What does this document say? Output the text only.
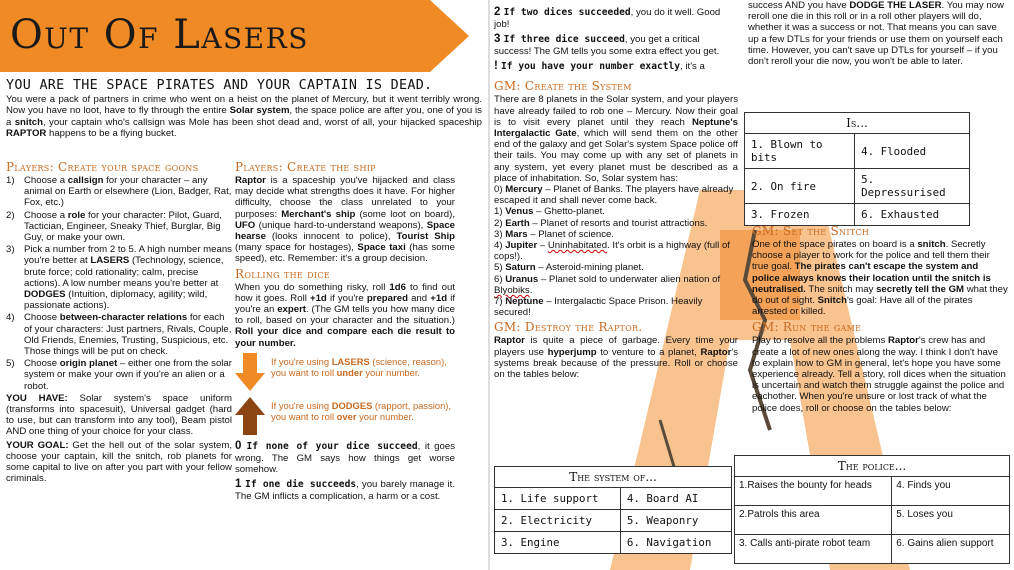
Out Of Lasers
YOU ARE THE SPACE PIRATES AND YOUR CAPTAIN IS DEAD.

You were a pack of partners in crime who went on a heist on the planet of Mercury, but it went terribly wrong. Now you have no loot, have to fly through the entire Solar system, the space police are after you, one of you is a snitch, your captain who's callsign was Mole has been shot dead and, worst of all, your hijacked spaceship RAPTOR happens to be a flying bucket.

Players: Create your space goons
1) Choose a callsign for your character – any animal on Earth or elsewhere (Lion, Badger, Rat, Fox, etc.)
2) Choose a role for your character: Pilot, Guard, Tactician, Engineer, Sneaky Thief, Burglar, Big Guy, or make your own.
3) Pick a number from 2 to 5. A high number means you're better at LASERS (Technology, science, brute force; cold rationality; calm, precise actions). A low number means you're better at DODGES (Intuition, diplomacy, agility; wild, passionate actions).
4) Choose between-character relations for each of your characters: Just partners, Rivals, Couple, Old Friends, Enemies, Trusting, Suspicious, etc. Those things will be put on check.
5) Choose origin planet – either one from the solar system or make your own if you're an alien or a robot.

YOU HAVE: Solar system's space uniform (transforms into spacesuit), Universal gadget (hard to use, but can transform into any tool), Beam pistol AND one thing of your choice for your class.

YOUR GOAL: Get the hell out of the solar system, choose your captain, kill the snitch, rob planets for some capital to live on after you part with your fellow criminals.

Players: Create the ship

Raptor is a spaceship you've hijacked and class may decide what strengths does it have. For higher difficulty, choose the class unrelated to your purposes: Merchant's ship (some loot on board), UFO (unique hard-to-understand weapons), Space hearse (looks innocent to police), Tourist Ship (many space for hostages), Space taxi (has some speed), etc. Remember: it's a group decision.

Rolling the dice

When you do something risky, roll 1d6 to find out how it goes. Roll +1d if you're prepared and +1d if you're an expert. (The GM tells you how many dice to roll, based on your character and the situation.) Roll your dice and compare each die result to your number.

If you're using LASERS (science, reason), you want to roll under your number.
If you're using DODGES (rapport, passion), you want to roll over your number.

0 If none of your dice succeed, it goes wrong. The GM says how things get worse somehow.

1 If one die succeeds, you barely manage it. The GM inflicts a complication, a harm or a cost.

2 If two dices succeeded, you do it well. Good job!

3 If three dice succeed, you get a critical success! The GM tells you some extra effect you get.

! If you have your number exactly, it's a

GM: Create the System

There are 8 planets in the Solar system, and your players have already failed to rob one – Mercury. Now their goal is to visit every planet until they reach Neptune's Intergalactic Gate, which will send them on the other end of the galaxy and get Solar's system Space police off their tails. You may come up with any set of planets in any system, yet every planet must be described as a place of inhabitation. So, Solar system has:

0) Mercury – Planet of Banks. The players have already escaped it and shall never come back.
1) Venus – Ghetto-planet.
2) Earth – Planet of resorts and tourist attractions.
3) Mars – Planet of science.
4) Jupiter – Uninhabitated. It's orbit is a highway (full of cops!).
5) Saturn – Asteroid-mining planet.
6) Uranus – Planet sold to underwater alien nation of Blyobiks.
7) Neptune – Intergalactic Space Prison. Heavily secured!
GM: Destroy the Raptor.

Raptor is quite a piece of garbage. Every time your players use hyperjump to venture to a planet, Raptor's systems break because of the pressure. Roll or choose on the tables below:

success AND you have DODGE THE LASER. You may now reroll one die in this roll or in a roll other players will do, whether it was a success or not. That means you can save up a few DTLs for your friends or use them on yourself each time. However, you can't save up DTLs for yourself – if you don't reroll your die now, you won't be able to later.

Is...	
1. Blown to bits	4. Flooded
2. On fire	5. Depressurised
3. Frozen	6. Exhausted
GM: Set the Snitch

One of the space pirates on board is a snitch. Secretly choose a player to work for the police and tell them their true goal. The pirates can't escape the system and police always knows their location until the snitch is neutralised. The snitch may secretly tell the GM what they do out of sight. Snitch's goal: Have all of the pirates arrested or killed.

GM: Run the game

Play to resolve all the problems Raptor's crew has and create a lot of new ones along the way. I think I don't have to explain how to GM in general, let's hope you have some experience already. Tell a story, roll dices when the situation is uncertain and watch them struggle against the police and eachother. When you're unsure or lost track of what the police does, roll or choose on the tables below:

The system of...	
1. Life support	4. Board AI
2. Electricity	5. Weaponry
3. Engine	6. Navigation
The police...	
1.Raises the bounty for heads	4. Finds you
2.Patrols this area	5. Loses you
3. Calls anti-pirate robot team	6. Gains alien support
